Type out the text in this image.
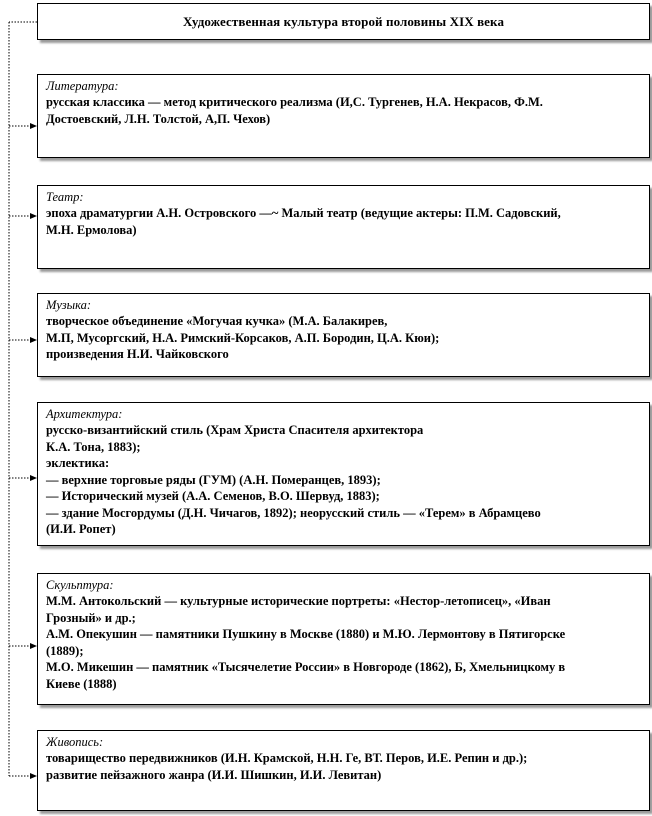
Художественная культура второй половины XIX века
Литература:
русская классика — метод критического реализма (И,С. Тургенев, Н.А. Некрасов, Ф.М.
Достоевский, Л.Н. Толстой, А,П. Чехов)
Театр:
эпоха драматургии А.Н. Островского —~ Малый театр (ведущие актеры: П.М. Садовский,
М.Н. Ермолова)
Музыка:
творческое объединение «Могучая кучка» (М.А. Балакирев,
М.П, Мусоргский, Н.А. Римский-Корсаков, А.П. Бородин, Ц.А. Кюи);
произведения Н.И. Чайковского
Архитектура:
русско-византийский стиль (Храм Христа Спасителя архитектора
К.А. Тона, 1883);
эклектика:
— верхние торговые ряды (ГУМ) (А.Н. Померанцев, 1893);
— Исторический музей (А.А. Семенов, В.О. Шервуд, 1883);
— здание Мосгордумы (Д.Н. Чичагов, 1892); неорусский стиль — «Терем» в Абрамцево
(И.И. Ропет)
Скульптура:
М.М. Антокольский — культурные исторические портреты: «Нестор-летописец», «Иван
Грозный» и др.;
А.М. Опекушин — памятники Пушкину в Москве (1880) и М.Ю. Лермонтову в Пятигорске
(1889);
М.О. Микешин — памятник «Тысячелетие России» в Новгороде (1862), Б, Хмельницкому в
Киеве (1888)
Живопись:
товарищество передвижников (И.Н. Крамской, Н.Н. Ге, ВТ. Перов, И.Е. Репин и др.);
развитие пейзажного жанра (И.И. Шишкин, И.И. Левитан)
